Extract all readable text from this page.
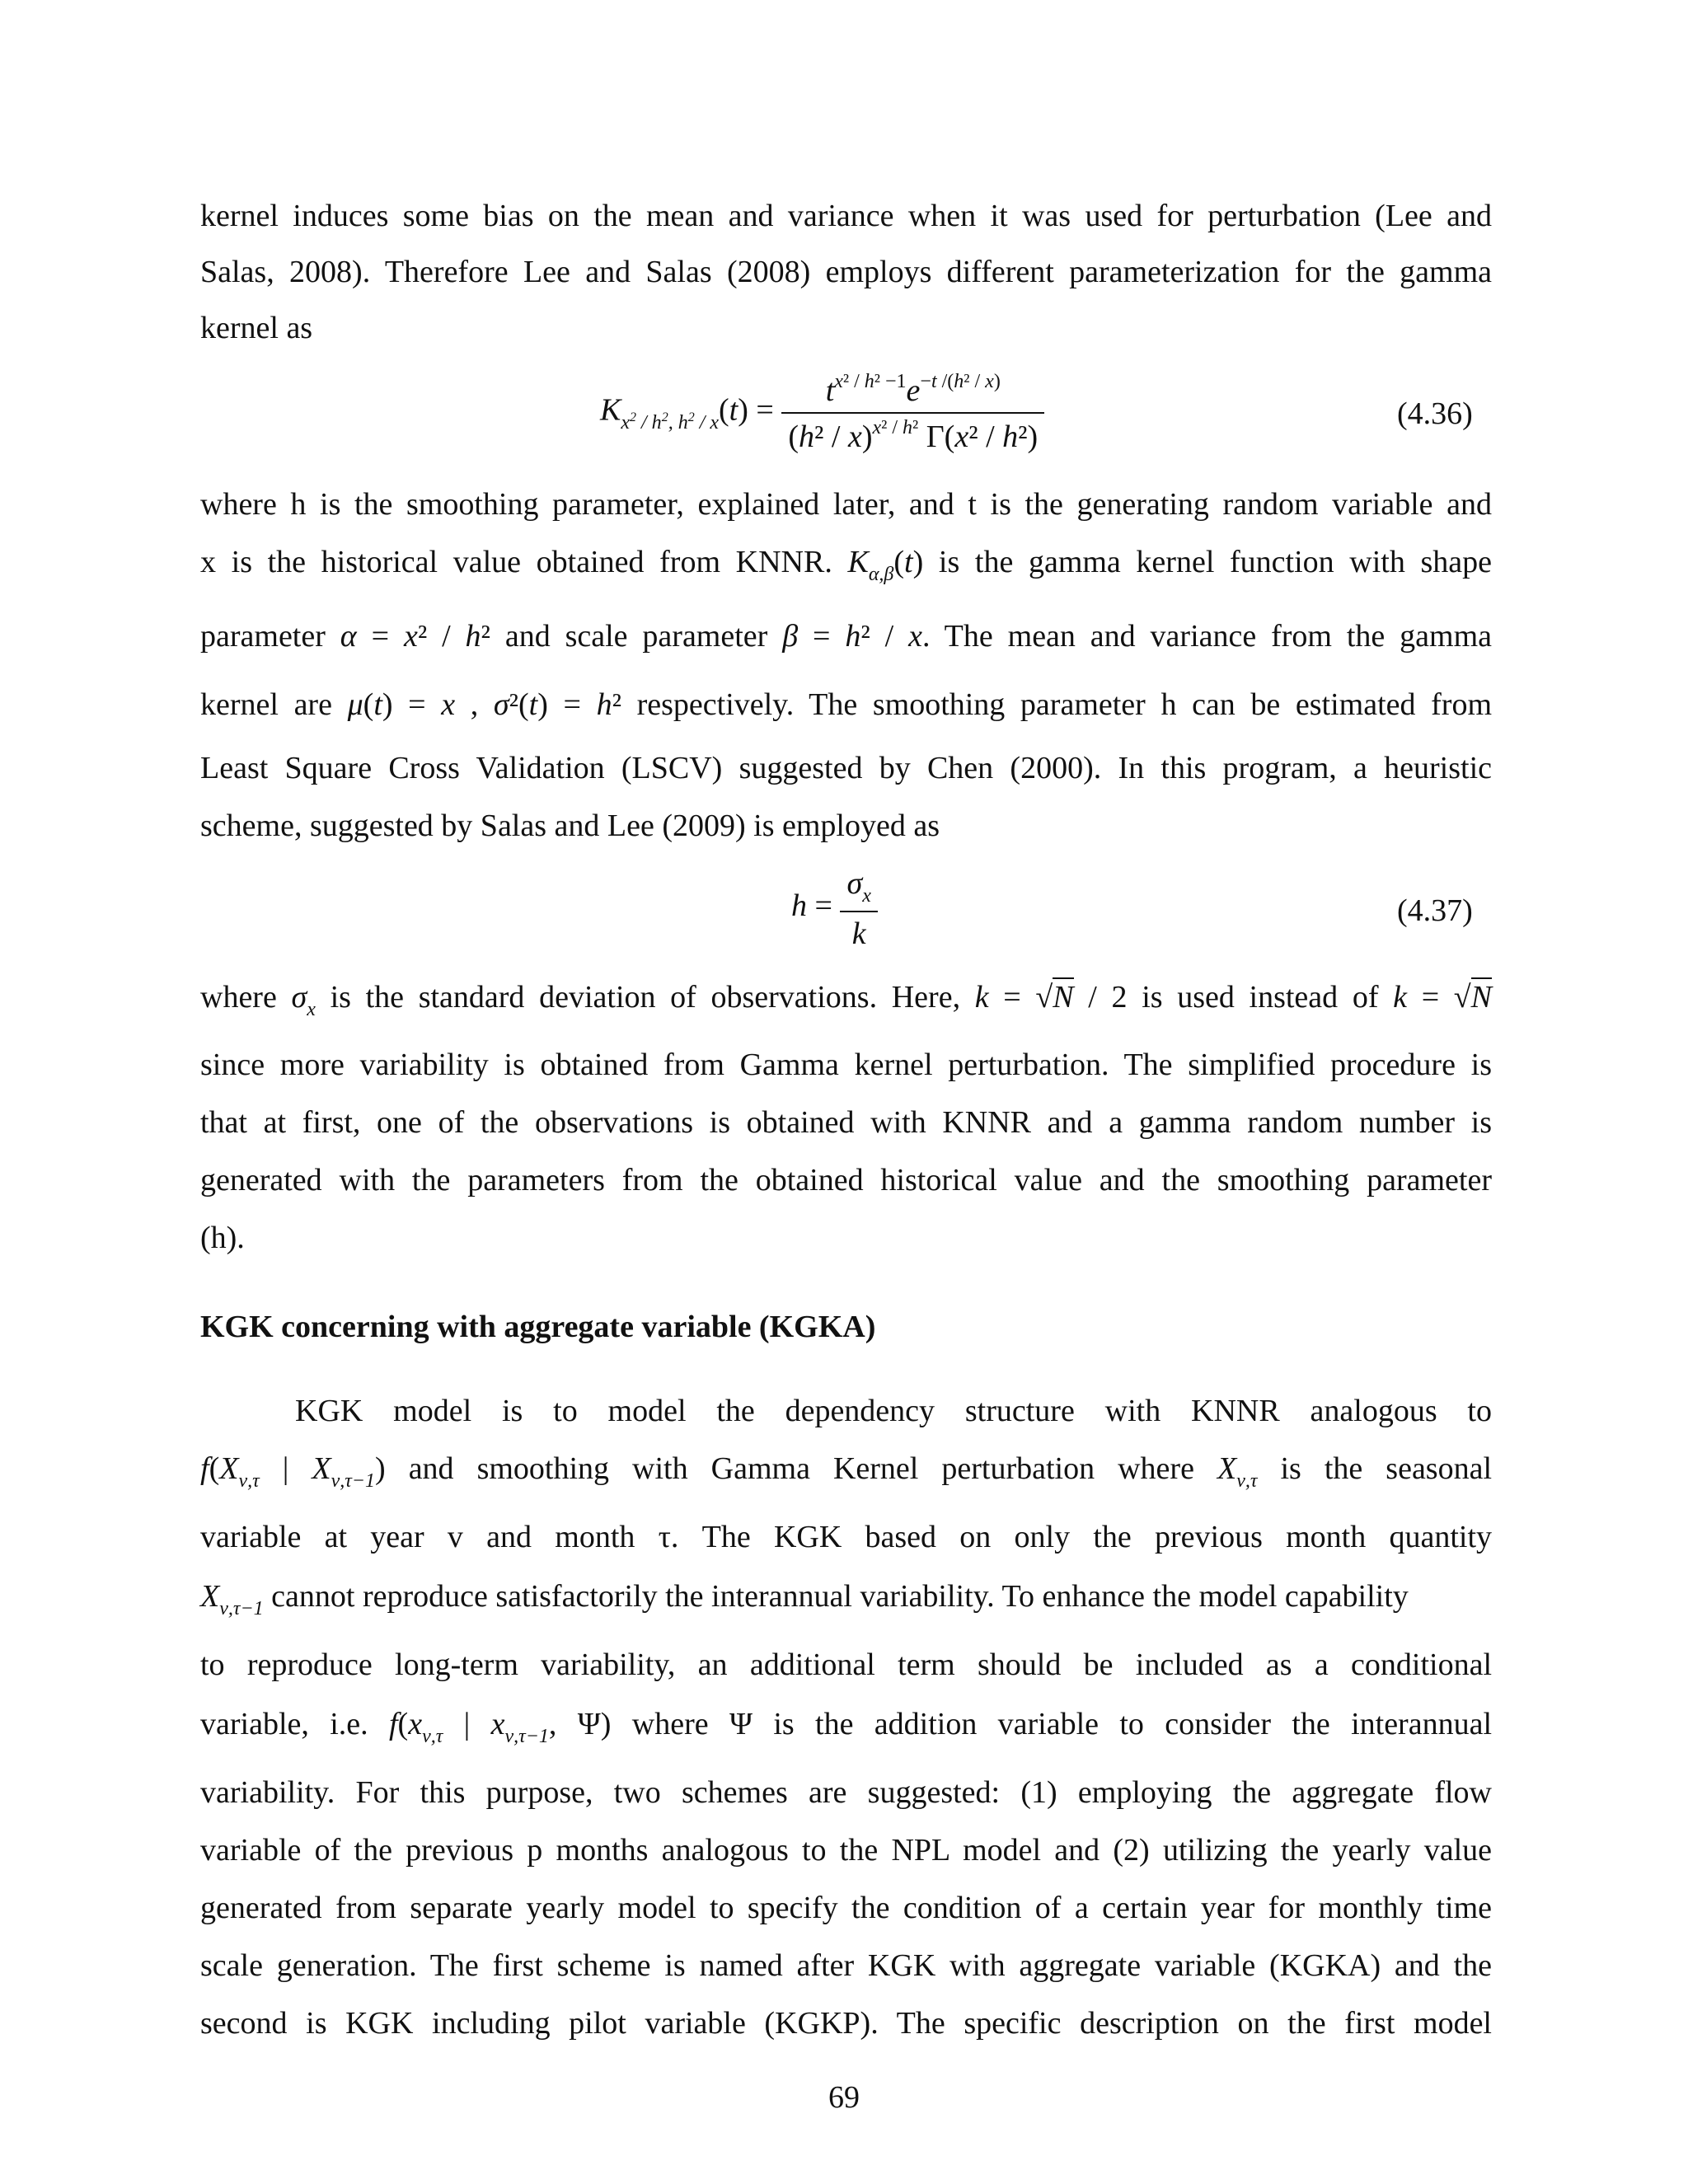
kernel induces some bias on the mean and variance when it was used for perturbation (Lee and
Salas, 2008). Therefore Lee and Salas (2008) employs different parameterization for the gamma
kernel as
$K_{x^2 / h^2, h^2 / x}(t) = \frac{t^{x^2 / h^2 -1}e^{-t /(h^2 / x)}}{(h^2 / x)^{x^2 / h^2} \Gamma(x^2 / h^2)}$	(4.36)
where h is the smoothing parameter, explained later, and t is the generating random variable and
x is the historical value obtained from KNNR. $K_{\alpha,\beta}(t)$ is the gamma kernel function with shape
parameter α = x² / h² and scale parameter β = h² / x. The mean and variance from the gamma
kernel are μ(t) = x , σ²(t) = h² respectively. The smoothing parameter h can be estimated from
Least Square Cross Validation (LSCV) suggested by Chen (2000). In this program, a heuristic
scheme, suggested by Salas and Lee (2009) is employed as
$h = \frac{\sigma_x}{k}$	(4.37)
where $\sigma_x$ is the standard deviation of observations. Here, k = √N / 2 is used instead of k = √N
since more variability is obtained from Gamma kernel perturbation. The simplified procedure is
that at first, one of the observations is obtained with KNNR and a gamma random number is
generated with the parameters from the obtained historical value and the smoothing parameter
(h).
KGK concerning with aggregate variable (KGKA)
KGK model is to model the dependency structure with KNNR analogous to
$f(X_{\nu,\tau}$ | $X_{\nu,\tau-1}$) and smoothing with Gamma Kernel perturbation where $X_{\nu,\tau}$ is the seasonal
variable at year v and month τ. The KGK based on only the previous month quantity
$X_{\nu,\tau-1}$ cannot reproduce satisfactorily the interannual variability. To enhance the model capability
to reproduce long-term variability, an additional term should be included as a conditional
variable, i.e. $f(x_{\nu,\tau}$ | $x_{\nu,\tau-1}$, Ψ) where Ψ is the addition variable to consider the interannual
variability. For this purpose, two schemes are suggested: (1) employing the aggregate flow
variable of the previous p months analogous to the NPL model and (2) utilizing the yearly value
generated from separate yearly model to specify the condition of a certain year for monthly time
scale generation. The first scheme is named after KGK with aggregate variable (KGKA) and the
second is KGK including pilot variable (KGKP). The specific description on the first model
69
